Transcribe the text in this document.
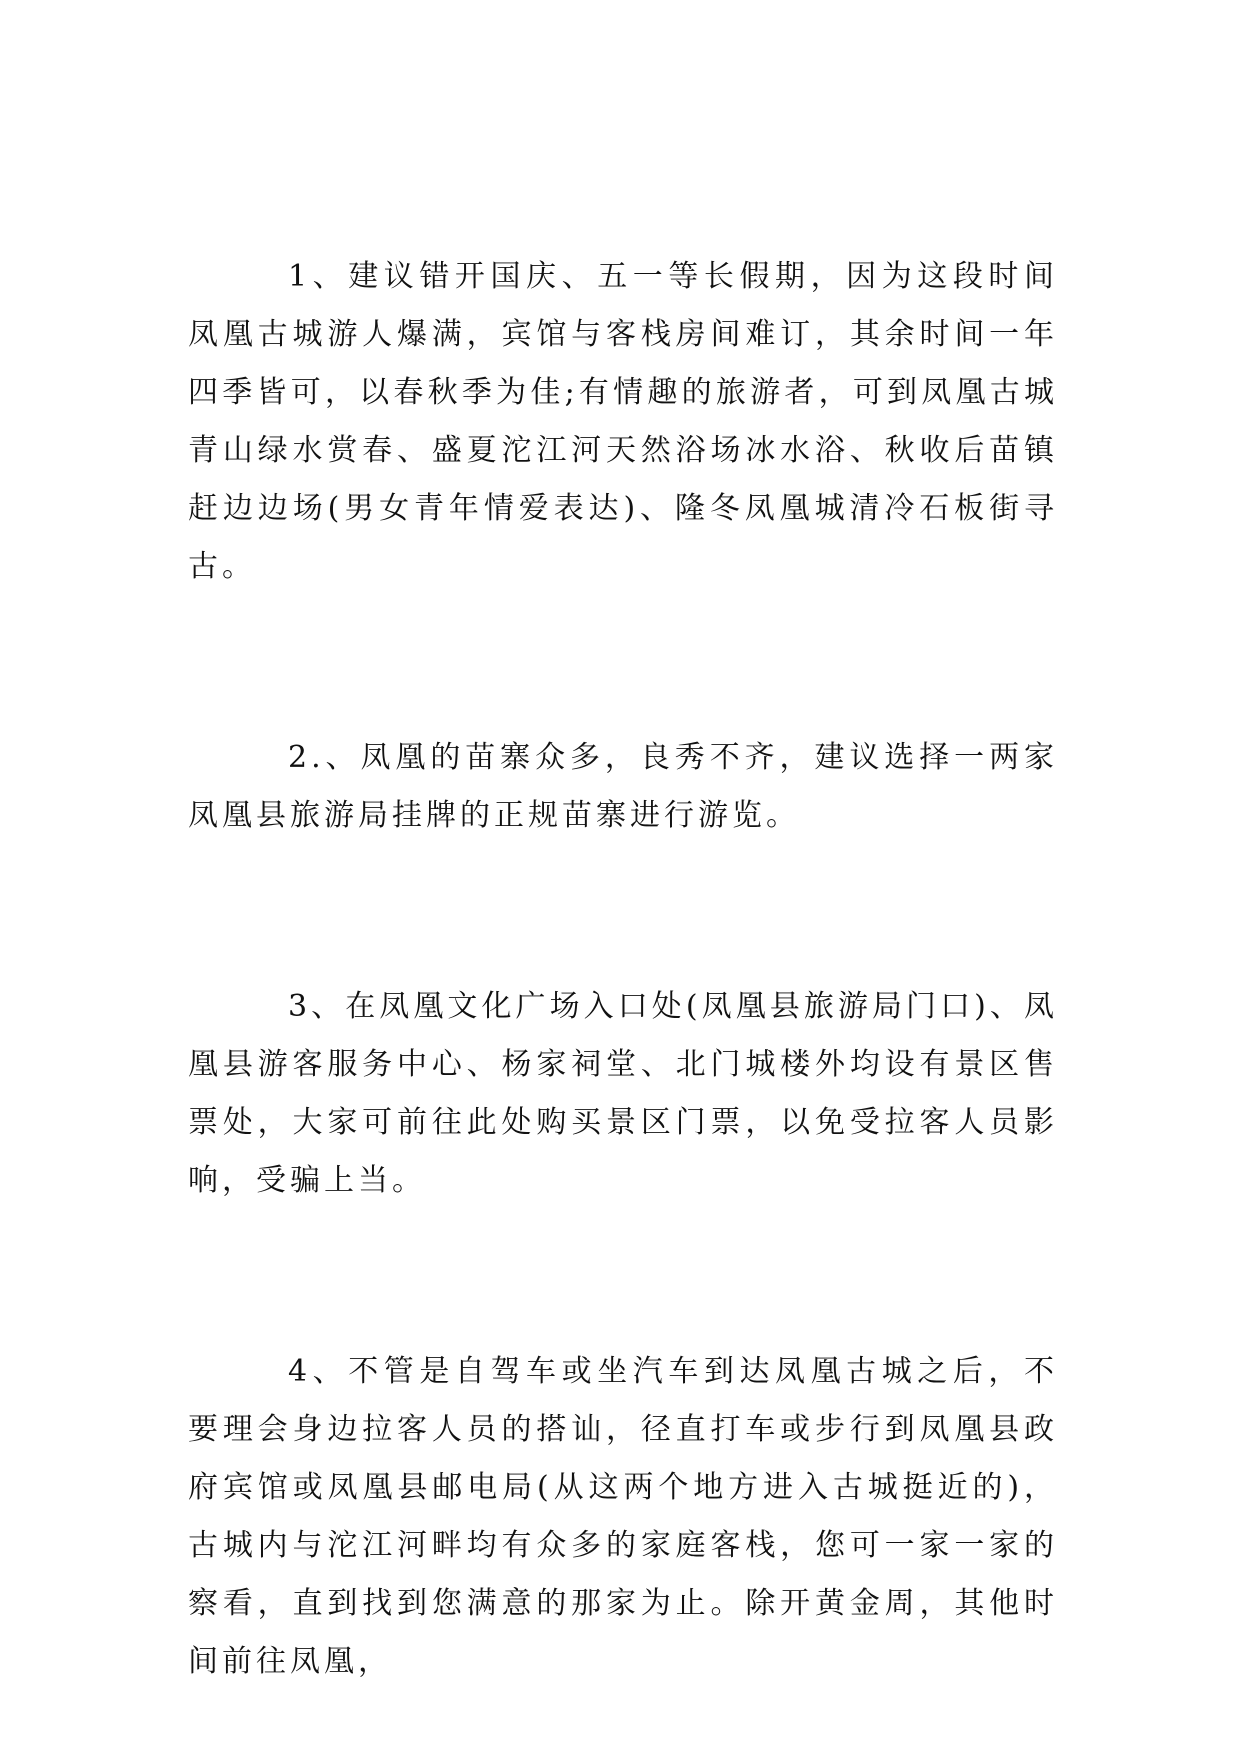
1、建议错开国庆、五一等长假期，因为这段时间凤凰古城游人爆满，宾馆与客栈房间难订，其余时间一年四季皆可，以春秋季为佳;有情趣的旅游者，可到凤凰古城青山绿水赏春、盛夏沱江河天然浴场冰水浴、秋收后苗镇赶边边场(男女青年情爱表达)、隆冬凤凰城清冷石板街寻古。

2.、凤凰的苗寨众多，良秀不齐，建议选择一两家凤凰县旅游局挂牌的正规苗寨进行游览。

3、在凤凰文化广场入口处(凤凰县旅游局门口)、凤凰县游客服务中心、杨家祠堂、北门城楼外均设有景区售票处，大家可前往此处购买景区门票，以免受拉客人员影响，受骗上当。

4、不管是自驾车或坐汽车到达凤凰古城之后，不要理会身边拉客人员的搭讪，径直打车或步行到凤凰县政府宾馆或凤凰县邮电局(从这两个地方进入古城挺近的)，古城内与沱江河畔均有众多的家庭客栈，您可一家一家的察看，直到找到您满意的那家为止。除开黄金周，其他时间前往凤凰，
